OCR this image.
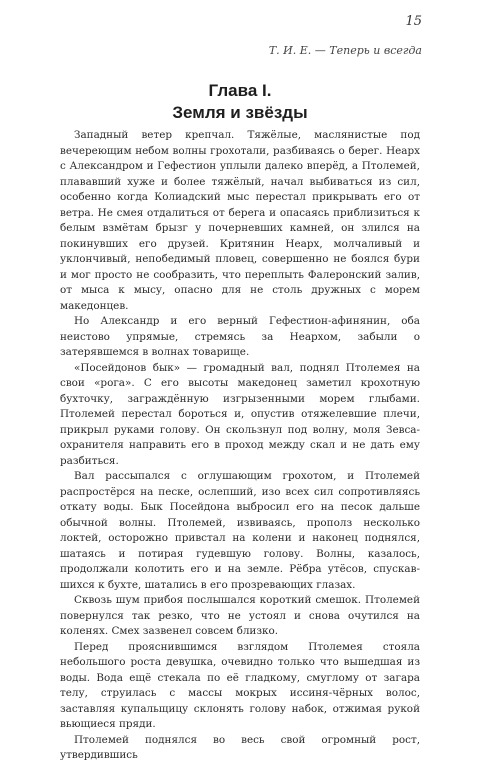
15
Т. И. Е. — Теперь и всегда
Глава I.
Земля и звёзды

Западный ветер крепчал. Тяжёлые, маслянистые под вечереющим небом волны грохотали, разбиваясь о берег. Неарх с Александром и Гефестион уплыли далеко вперёд, а Птолемей, плававший хуже и более тяжёлый, начал выбиваться из сил, особенно когда Колиадский мыс перестал прикрывать его от ветра. Не смея отдалиться от берега и опасаясь приблизиться к белым взмётам брызг у почерневших камней, он злился на покинувших его друзей. Критянин Неарх, молчаливый и уклончивый, непобедимый пловец, совершенно не боялся бури и мог просто не сообразить, что переплыть Фалеронский залив, от мыса к мысу, опасно для не столь дружных с морем македонцев.

Но Александр и его верный Гефестион-афинянин, оба неистово упрямые, стремясь за Неархом, забыли о затерявшемся в волнах товарище.

«Посейдонов бык» — громадный вал, поднял Птолемея на свои «рога». С его высоты македонец заметил крохотную бухточку, заграждённую изгрызенными морем глыбами. Птолемей перестал бороться и, опустив отяжелевшие плечи, прикрыл руками голову. Он скользнул под волну, моля Зевса-охранителя направить его в проход между скал и не дать ему разбиться.

Вал рассыпался с оглушающим грохотом, и Птолемей распростёрся на песке, ослепший, изо всех сил сопротивляясь откату воды. Бык Посейдона выбросил его на песок дальше обычной волны. Птолемей, извиваясь, прополз несколько локтей, осторожно привстал на колени и наконец поднялся, шатаясь и потирая гудевшую голову. Волны, казалось, продолжали колотить его и на земле. Рёбра утёсов, спускавшихся к бухте, шатались в его прозревающих глазах.

Сквозь шум прибоя послышался короткий смешок. Птолемей повернулся так резко, что не устоял и снова очутился на коленях. Смех зазвенел совсем близко.

Перед прояснившимся взглядом Птолемея стояла небольшого роста девушка, очевидно только что вышедшая из воды. Вода ещё стекала по её гладкому, смуглому от загара телу, струилась с массы мокрых иссиня-чёрных волос, заставляя купальщицу склонять голову набок, отжимая рукой вьющиеся пряди.

Птолемей поднялся во весь свой огромный рост, утвердившись
